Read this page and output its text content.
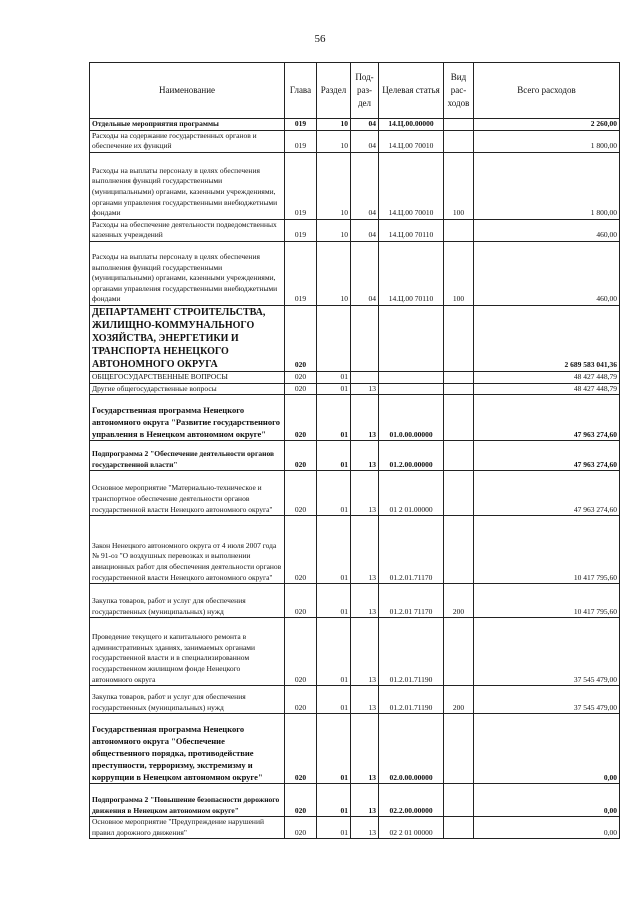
56
Наименование	Глава	Раздел	Под-раз-дел	Целевая статья	Вид рас-ходов	Всего расходов
Отдельные мероприятия программы	019	10	04	14.Ц.00.00000		2 260,00
Расходы на содержание государственных органов и обеспечение их функций	019	10	04	14.Ц.00 70010		1 800,00
Расходы на выплаты персоналу в целях обеспечения выполнения функций государственными (муниципальными) органами, казенными учреждениями, органами управления государственными внебюджетными фондами	019	10	04	14.Ц.00 70010	100	1 800,00
Расходы на обеспечение деятельности подведомственных казенных учреждений	019	10	04	14.Ц.00 70110		460,00
Расходы на выплаты персоналу в целях обеспечения выполнения функций государственными (муниципальными) органами, казенными учреждениями, органами управления государственными внебюджетными фондами	019	10	04	14.Ц.00 70110	100	460,00
ДЕПАРТАМЕНТ СТРОИТЕЛЬСТВА, ЖИЛИЩНО-КОММУНАЛЬНОГО ХОЗЯЙСТВА, ЭНЕРГЕТИКИ И ТРАНСПОРТА НЕНЕЦКОГО АВТОНОМНОГО ОКРУГА	020					2 689 583 041,36
ОБЩЕГОСУДАРСТВЕННЫЕ ВОПРОСЫ	020	01				48 427 448,79
Другие общегосударственные вопросы	020	01	13			48 427 448,79
Государственная программа Ненецкого автономного округа "Развитие государственного управления в Ненецком автономном округе"	020	01	13	01.0.00.00000		47 963 274,60
Подпрограмма 2 "Обеспечение деятельности органов государственной власти"	020	01	13	01.2.00.00000		47 963 274,60
Основное мероприятие "Материально-техническое и транспортное обеспечение деятельности органов государственной власти Ненецкого автономного округа"	020	01	13	01 2 01.00000		47 963 274,60
Закон Ненецкого автономного округа от 4 июля 2007 года № 91-оз "О воздушных перевозках и выполнении авиационных работ для обеспечения деятельности органов государственной власти Ненецкого автономного округа"	020	01	13	01.2.01.71170		10 417 795,60
Закупка товаров, работ и услуг для обеспечения государственных (муниципальных) нужд	020	01	13	01.2.01 71170	200	10 417 795,60
Проведение текущего и капитального ремонта в административных зданиях, занимаемых органами государственной власти и в специализированном государственном жилищном фонде Ненецкого автономного округа	020	01	13	01.2.01.71190		37 545 479,00
Закупка товаров, работ и услуг для обеспечения государственных (муниципальных) нужд	020	01	13	01.2.01.71190	200	37 545 479,00
Государственная программа Ненецкого автономного округа "Обеспечение общественного порядка, противодействие преступности, терроризму, экстремизму и коррупции в Ненецком автономном округе"	020	01	13	02.0.00.00000		0,00
Подпрограмма 2 "Повышение безопасности дорожного движения в Ненецком автономном округе"	020	01	13	02.2.00.00000		0,00
Основное мероприятие "Предупреждение нарушений правил дорожного движения"	020	01	13	02 2 01 00000		0,00
